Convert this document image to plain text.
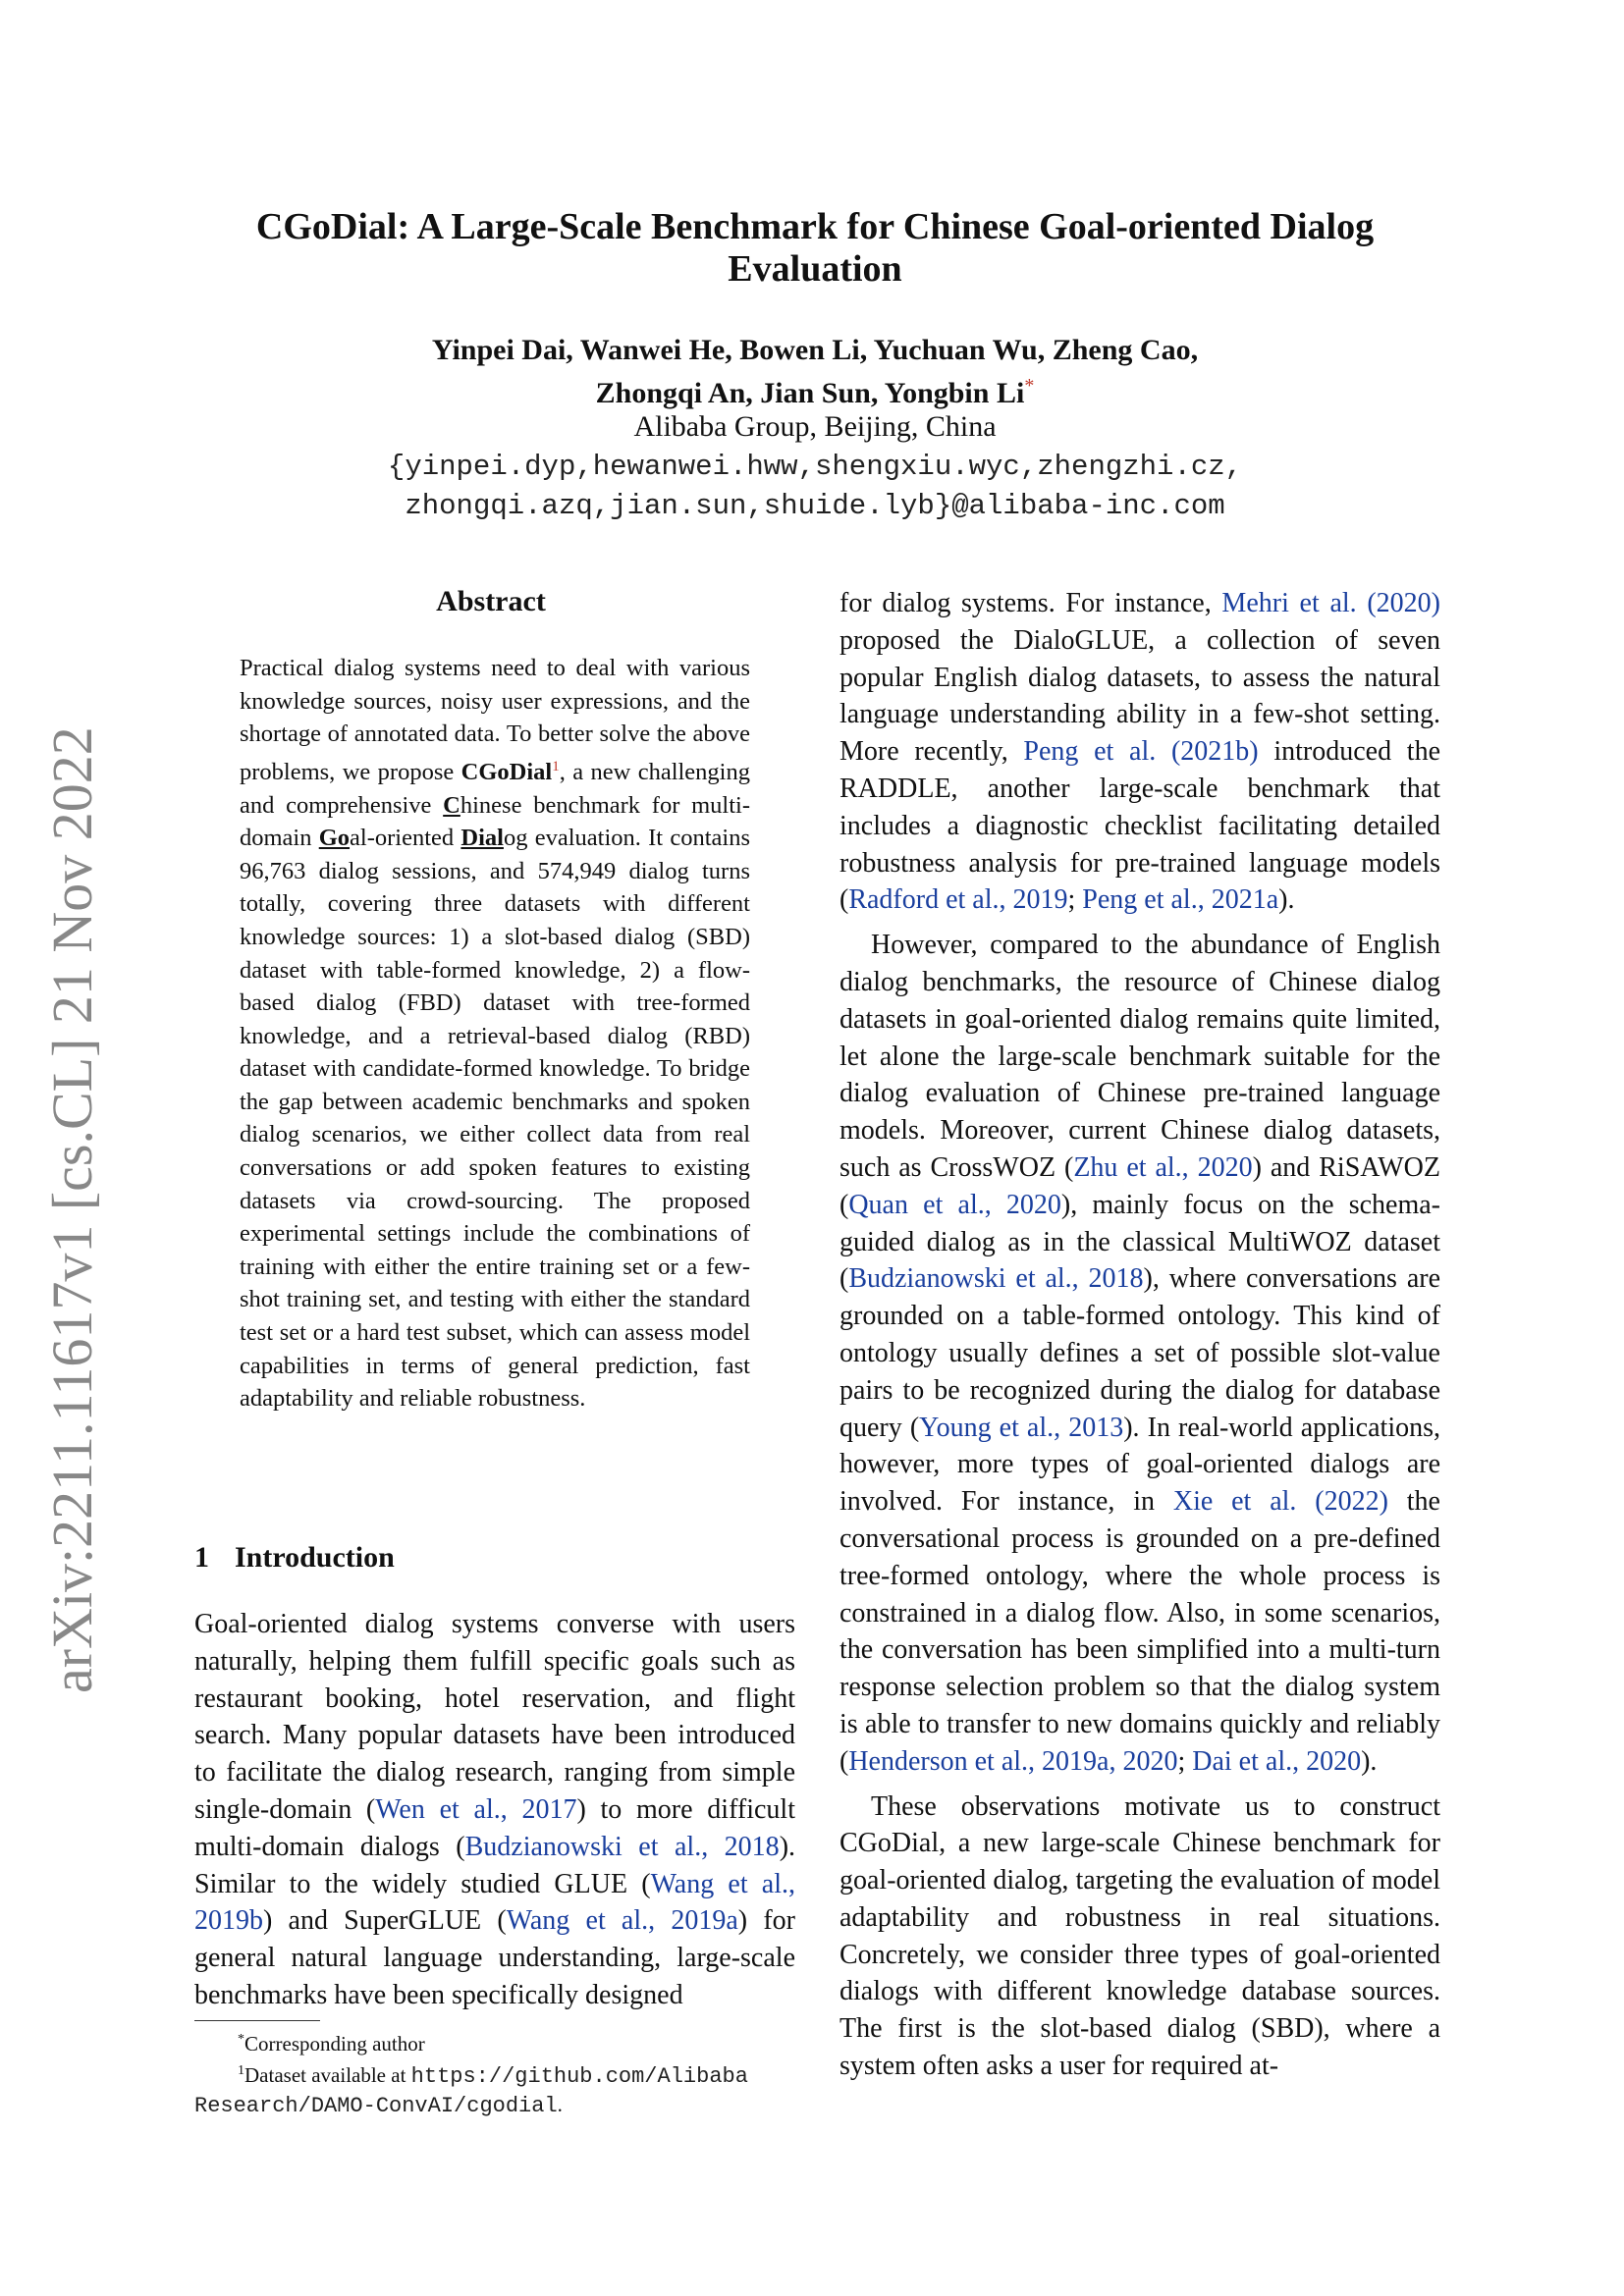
arXiv:2211.11617v1 [cs.CL] 21 Nov 2022
CGoDial: A Large-Scale Benchmark for Chinese Goal-oriented Dialog Evaluation
Yinpei Dai, Wanwei He, Bowen Li, Yuchuan Wu, Zheng Cao,
Zhongqi An, Jian Sun, Yongbin Li*
Alibaba Group, Beijing, China
{yinpei.dyp,hewanwei.hww,shengxiu.wyc,zhengzhi.cz,
zhongqi.azq,jian.sun,shuide.lyb}@alibaba-inc.com
Abstract
Practical dialog systems need to deal with various knowledge sources, noisy user expressions, and the shortage of annotated data. To better solve the above problems, we propose CGoDial$^1$, a new challenging and comprehensive Chinese benchmark for multi-domain Goal-oriented Dialog evaluation. It contains 96,763 dialog sessions, and 574,949 dialog turns totally, covering three datasets with different knowledge sources: 1) a slot-based dialog (SBD) dataset with table-formed knowledge, 2) a flow-based dialog (FBD) dataset with tree-formed knowledge, and a retrieval-based dialog (RBD) dataset with candidate-formed knowledge. To bridge the gap between academic benchmarks and spoken dialog scenarios, we either collect data from real conversations or add spoken features to existing datasets via crowd-sourcing. The proposed experimental settings include the combinations of training with either the entire training set or a few-shot training set, and testing with either the standard test set or a hard test subset, which can assess model capabilities in terms of general prediction, fast adaptability and reliable robustness.
1 Introduction
Goal-oriented dialog systems converse with users naturally, helping them fulfill specific goals such as restaurant booking, hotel reservation, and flight search. Many popular datasets have been introduced to facilitate the dialog research, ranging from simple single-domain (Wen et al., 2017) to more difficult multi-domain dialogs (Budzianowski et al., 2018). Similar to the widely studied GLUE (Wang et al., 2019b) and SuperGLUE (Wang et al., 2019a) for general natural language understanding, large-scale benchmarks have been specifically designed

for dialog systems. For instance, Mehri et al. (2020) proposed the DialoGLUE, a collection of seven popular English dialog datasets, to assess the natural language understanding ability in a few-shot setting. More recently, Peng et al. (2021b) introduced the RADDLE, another large-scale benchmark that includes a diagnostic checklist facilitating detailed robustness analysis for pre-trained language models (Radford et al., 2019; Peng et al., 2021a).

However, compared to the abundance of English dialog benchmarks, the resource of Chinese dialog datasets in goal-oriented dialog remains quite limited, let alone the large-scale benchmark suitable for the dialog evaluation of Chinese pre-trained language models. Moreover, current Chinese dialog datasets, such as CrossWOZ (Zhu et al., 2020) and RiSAWOZ (Quan et al., 2020), mainly focus on the schema-guided dialog as in the classical MultiWOZ dataset (Budzianowski et al., 2018), where conversations are grounded on a table-formed ontology. This kind of ontology usually defines a set of possible slot-value pairs to be recognized during the dialog for database query (Young et al., 2013). In real-world applications, however, more types of goal-oriented dialogs are involved. For instance, in Xie et al. (2022) the conversational process is grounded on a pre-defined tree-formed ontology, where the whole process is constrained in a dialog flow. Also, in some scenarios, the conversation has been simplified into a multi-turn response selection problem so that the dialog system is able to transfer to new domains quickly and reliably (Henderson et al., 2019a, 2020; Dai et al., 2020).

These observations motivate us to construct CGoDial, a new large-scale Chinese benchmark for goal-oriented dialog, targeting the evaluation of model adaptability and robustness in real situations. Concretely, we consider three types of goal-oriented dialogs with different knowledge database sources. The first is the slot-based dialog (SBD), where a system often asks a user for required at-

*Corresponding author
$^1$Dataset available at https://github.com/Alibaba
Research/DAMO-ConvAI/cgodial.
